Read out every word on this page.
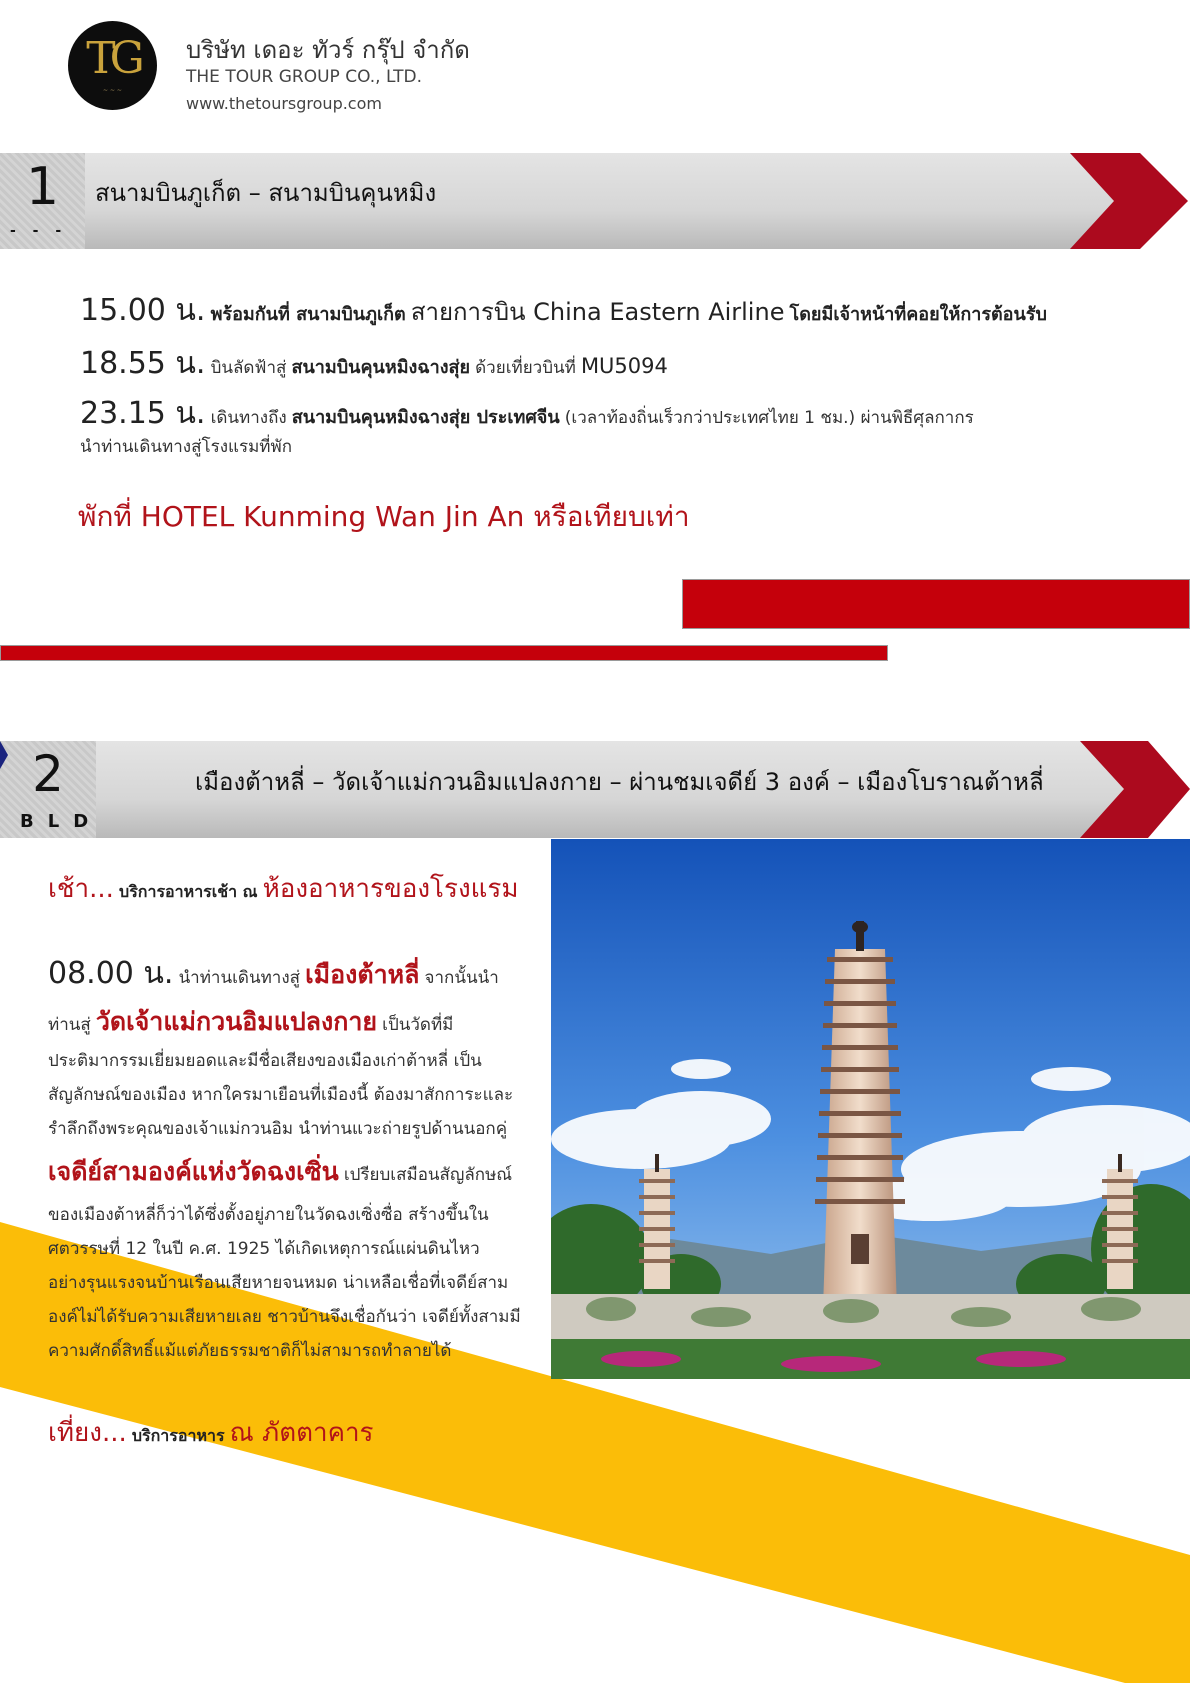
TG
~ ~ ~
บริษัท เดอะ ทัวร์ กรุ๊ป จำกัด
THE TOUR GROUP CO., LTD.
www.thetoursgroup.com
1
- - -
สนามบินภูเก็ต – สนามบินคุนหมิง
15.00 น. พร้อมกันที่ สนามบินภูเก็ต สายการบิน China Eastern Airline โดยมีเจ้าหน้าที่คอยให้การต้อนรับ
18.55 น. บินลัดฟ้าสู่ สนามบินคุนหมิงฉางสุ่ย ด้วยเที่ยวบินที่ MU5094
23.15 น. เดินทางถึง สนามบินคุนหมิงฉางสุ่ย ประเทศจีน (เวลาท้องถิ่นเร็วกว่าประเทศไทย 1 ชม.) ผ่านพิธีศุลกากร
นำท่านเดินทางสู่โรงแรมที่พัก
พักที่ HOTEL Kunming Wan Jin An หรือเทียบเท่า
2
BLD
เมืองต้าหลี่ – วัดเจ้าแม่กวนอิมแปลงกาย – ผ่านชมเจดีย์ 3 องค์ – เมืองโบราณต้าหลี่
เช้า... บริการอาหารเช้า ณ ห้องอาหารของโรงแรม
08.00 น. นำท่านเดินทางสู่ เมืองต้าหลี่ จากนั้นนำ
ท่านสู่ วัดเจ้าแม่กวนอิมแปลงกาย เป็นวัดที่มี
ประติมากรรมเยี่ยมยอดและมีชื่อเสียงของเมืองเก่าต้าหลี่ เป็น
สัญลักษณ์ของเมือง หากใครมาเยือนที่เมืองนี้ ต้องมาสักการะและ
รำลึกถึงพระคุณของเจ้าแม่กวนอิม นำท่านแวะถ่ายรูปด้านนอกคู่
เจดีย์สามองค์แห่งวัดฉงเซิ่น เปรียบเสมือนสัญลักษณ์
ของเมืองต้าหลี่ก็ว่าได้ซึ่งตั้งอยู่ภายในวัดฉงเซิ่งซื่อ สร้างขึ้นใน
ศตวรรษที่ 12 ในปี ค.ศ. 1925 ได้เกิดเหตุการณ์แผ่นดินไหว
อย่างรุนแรงจนบ้านเรือนเสียหายจนหมด น่าเหลือเชื่อที่เจดีย์สาม
องค์ไม่ได้รับความเสียหายเลย ชาวบ้านจึงเชื่อกันว่า เจดีย์ทั้งสามมี
ความศักดิ์สิทธิ์แม้แต่ภัยธรรมชาติก็ไม่สามารถทำลายได้
เที่ยง... บริการอาหาร ณ ภัตตาคาร
